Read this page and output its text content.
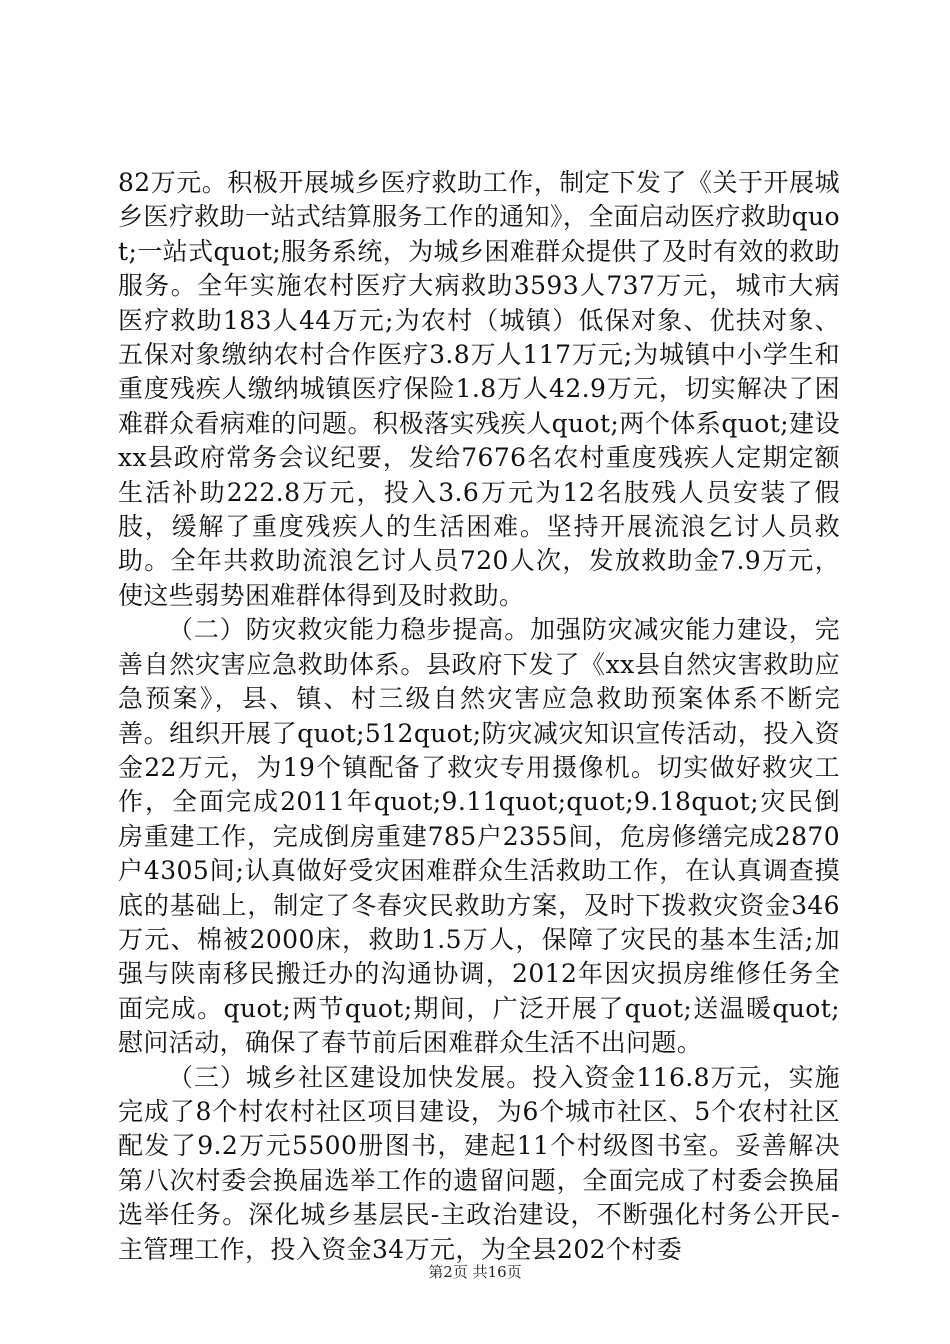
82万元。积极开展城乡医疗救助工作，制定下发了《关于开展城乡医疗救助一站式结算服务工作的通知》，全面启动医疗救助quot;一站式quot;服务系统，为城乡困难群众提供了及时有效的救助服务。全年实施农村医疗大病救助3593人737万元，城市大病医疗救助183人44万元;为农村（城镇）低保对象、优扶对象、五保对象缴纳农村合作医疗3.8万人117万元;为城镇中小学生和重度残疾人缴纳城镇医疗保险1.8万人42.9万元，切实解决了困难群众看病难的问题。积极落实残疾人quot;两个体系quot;建设xx县政府常务会议纪要，发给7676名农村重度残疾人定期定额生活补助222.8万元，投入3.6万元为12名肢残人员安装了假肢，缓解了重度残疾人的生活困难。坚持开展流浪乞讨人员救助。全年共救助流浪乞讨人员720人次，发放救助金7.9万元，使这些弱势困难群体得到及时救助。

（二）防灾救灾能力稳步提高。加强防灾减灾能力建设，完善自然灾害应急救助体系。县政府下发了《xx县自然灾害救助应急预案》，县、镇、村三级自然灾害应急救助预案体系不断完善。组织开展了quot;512quot;防灾减灾知识宣传活动，投入资金22万元，为19个镇配备了救灾专用摄像机。切实做好救灾工作，全面完成2011年quot;9.11quot;quot;9.18quot;灾民倒房重建工作，完成倒房重建785户2355间，危房修缮完成2870户4305间;认真做好受灾困难群众生活救助工作，在认真调查摸底的基础上，制定了冬春灾民救助方案，及时下拨救灾资金346万元、棉被2000床，救助1.5万人，保障了灾民的基本生活;加强与陕南移民搬迁办的沟通协调，2012年因灾损房维修任务全面完成。quot;两节quot;期间，广泛开展了quot;送温暖quot;慰问活动，确保了春节前后困难群众生活不出问题。

（三）城乡社区建设加快发展。投入资金116.8万元，实施完成了8个村农村社区项目建设，为6个城市社区、5个农村社区配发了9.2万元5500册图书，建起11个村级图书室。妥善解决第八次村委会换届选举工作的遗留问题，全面完成了村委会换届选举任务。深化城乡基层民-主政治建设，不断强化村务公开民-主管理工作，投入资金34万元，为全县202个村委

第2页 共16页
